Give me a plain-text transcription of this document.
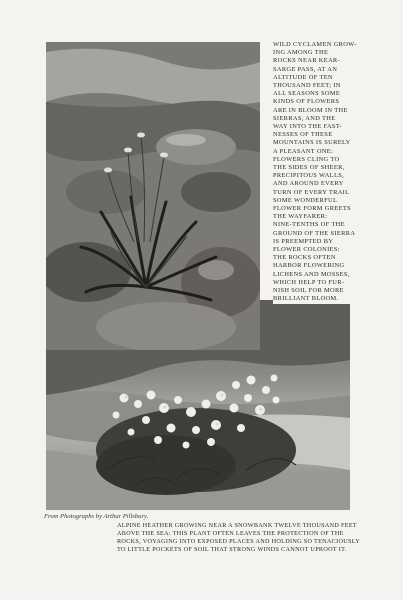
WILD CYCLAMEN GROW-
ING AMONG THE
ROCKS NEAR KEAR-
SARGE PASS, AT AN
ALTITUDE OF TEN
THOUSAND FEET; IN
ALL SEASONS SOME
KINDS OF FLOWERS
ARE IN BLOOM IN THE
SIERRAS, AND THE
WAY INTO THE FAST-
NESSES OF THESE
MOUNTAINS IS SURELY
A PLEASANT ONE:
FLOWERS CLING TO
THE SIDES OF SHEER,
PRECIPITOUS WALLS,
AND AROUND EVERY
TURN OF EVERY TRAIL
SOME WONDERFUL
FLOWER FORM GREETS
THE WAYFARER:
NINE-TENTHS OF THE
GROUND OF THE SIERRA
IS PREEMPTED BY
FLOWER COLONIES:
THE ROCKS OFTEN
HARBOR FLOWERING
LICHENS AND MOSSES,
WHICH HELP TO FUR-
NISH SOIL FOR MORE
BRILLIANT BLOOM.
From Photographs by Arthur Pillsbury.
ALPINE HEATHER GROWING NEAR A SNOWBANK TWELVE THOUSAND FEET
ABOVE THE SEA: THIS PLANT OFTEN LEAVES THE PROTECTION OF THE
ROCKS, VOYAGING INTO EXPOSED PLACES AND HOLDING SO TENACIOUSLY
TO LITTLE POCKETS OF SOIL THAT STRONG WINDS CANNOT UPROOT IT.
